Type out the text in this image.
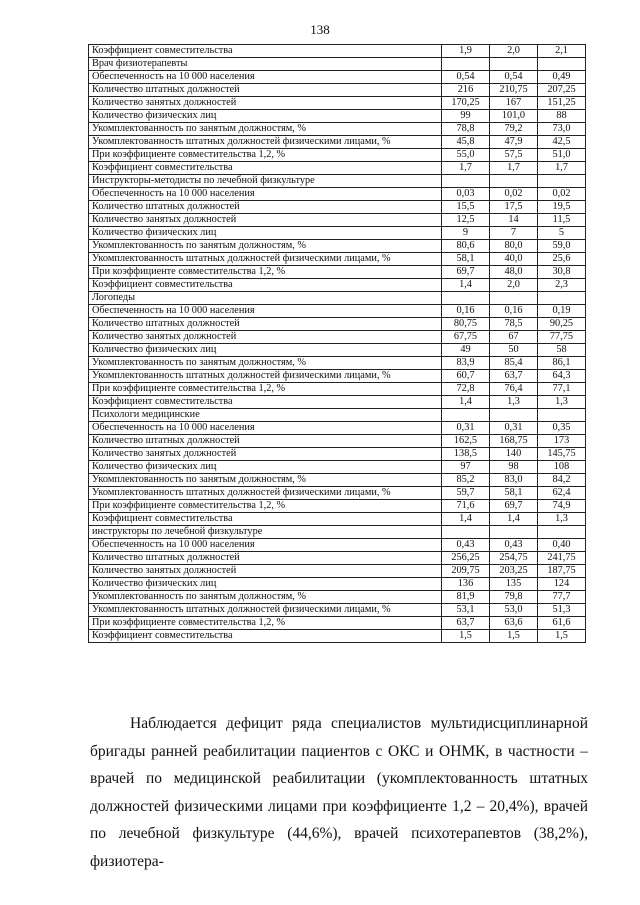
138
Коэффициент совместительства	1,9	2,0	2,1
Врач физиотерапевты			
Обеспеченность на 10 000 населения	0,54	0,54	0,49
Количество штатных должностей	216	210,75	207,25
Количество занятых должностей	170,25	167	151,25
Количество физических лиц	99	101,0	88
Укомплектованность по занятым должностям, %	78,8	79,2	73,0
Укомплектованность штатных должностей физическими лицами, %	45,8	47,9	42,5
При коэффициенте совместительства 1,2, %	55,0	57,5	51,0
Коэффициент совместительства	1,7	1,7	1,7
Инструкторы-методисты по лечебной физкультуре			
Обеспеченность на 10 000 населения	0,03	0,02	0,02
Количество штатных должностей	15,5	17,5	19,5
Количество занятых должностей	12,5	14	11,5
Количество физических лиц	9	7	5
Укомплектованность по занятым должностям, %	80,6	80,0	59,0
Укомплектованность штатных должностей физическими лицами, %	58,1	40,0	25,6
При коэффициенте совместительства 1,2, %	69,7	48,0	30,8
Коэффициент совместительства	1,4	2,0	2,3
Логопеды			
Обеспеченность на 10 000 населения	0,16	0,16	0,19
Количество штатных должностей	80,75	78,5	90,25
Количество занятых должностей	67,75	67	77,75
Количество физических лиц	49	50	58
Укомплектованность по занятым должностям, %	83,9	85,4	86,1
Укомплектованность штатных должностей физическими лицами, %	60,7	63,7	64,3
При коэффициенте совместительства 1,2, %	72,8	76,4	77,1
Коэффициент совместительства	1,4	1,3	1,3
Психологи медицинские			
Обеспеченность на 10 000 населения	0,31	0,31	0,35
Количество штатных должностей	162,5	168,75	173
Количество занятых должностей	138,5	140	145,75
Количество физических лиц	97	98	108
Укомплектованность по занятым должностям, %	85,2	83,0	84,2
Укомплектованность штатных должностей физическими лицами, %	59,7	58,1	62,4
При коэффициенте совместительства 1,2, %	71,6	69,7	74,9
Коэффициент совместительства	1,4	1,4	1,3
инструкторы по лечебной физкультуре			
Обеспеченность на 10 000 населения	0,43	0,43	0,40
Количество штатных должностей	256,25	254,75	241,75
Количество занятых должностей	209,75	203,25	187,75
Количество физических лиц	136	135	124
Укомплектованность по занятым должностям, %	81,9	79,8	77,7
Укомплектованность штатных должностей физическими лицами, %	53,1	53,0	51,3
При коэффициенте совместительства 1,2, %	63,7	63,6	61,6
Коэффициент совместительства	1,5	1,5	1,5
Наблюдается дефицит ряда специалистов мультидисциплинарной бригады ранней реабилитации пациентов с ОКС и ОНМК, в частности – врачей по медицинской реабилитации (укомплектованность штатных должностей физическими лицами при коэффициенте 1,2 – 20,4%), врачей по лечебной физкультуре (44,6%), врачей психотерапевтов (38,2%), физиотера-
